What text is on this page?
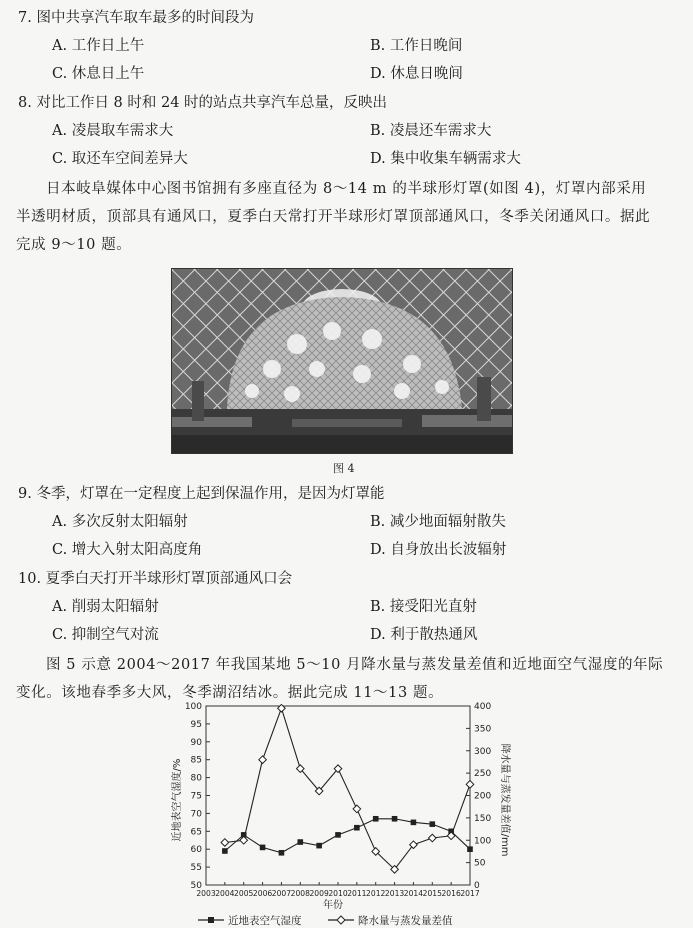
7. 图中共享汽车取车最多的时间段为
A. 工作日上午	B. 工作日晚间
C. 休息日上午	D. 休息日晚间
8. 对比工作日 8 时和 24 时的站点共享汽车总量，反映出
A. 凌晨取车需求大	B. 凌晨还车需求大
C. 取还车空间差异大	D. 集中收集车辆需求大
日本岐阜媒体中心图书馆拥有多座直径为 8～14 m 的半球形灯罩(如图 4)，灯罩内部采用
半透明材质，顶部具有通风口，夏季白天常打开半球形灯罩顶部通风口，冬季关闭通风口。据此
完成 9～10 题。
图 4
9. 冬季，灯罩在一定程度上起到保温作用，是因为灯罩能
A. 多次反射太阳辐射	B. 减少地面辐射散失
C. 增大入射太阳高度角	D. 自身放出长波辐射
10. 夏季白天打开半球形灯罩顶部通风口会
A. 削弱太阳辐射	B. 接受阳光直射
C. 抑制空气对流	D. 利于散热通风
图 5 示意 2004～2017 年我国某地 5～10 月降水量与蒸发量差值和近地面空气湿度的年际
变化。该地春季多大风，冬季湖沼结冰。据此完成 11～13 题。
50
55
60
65
70
75
80
85
90
95
100
0
50
100
150
200
250
300
350
400
2003 2004 2005 2006 2007 2008 2009 2010 2011 2012 2013 2014 2015 2016 2017
年份
近地表空气湿度/%	降水量与蒸发量差值/mm
近地表空气湿度	降水量与蒸发量差值
